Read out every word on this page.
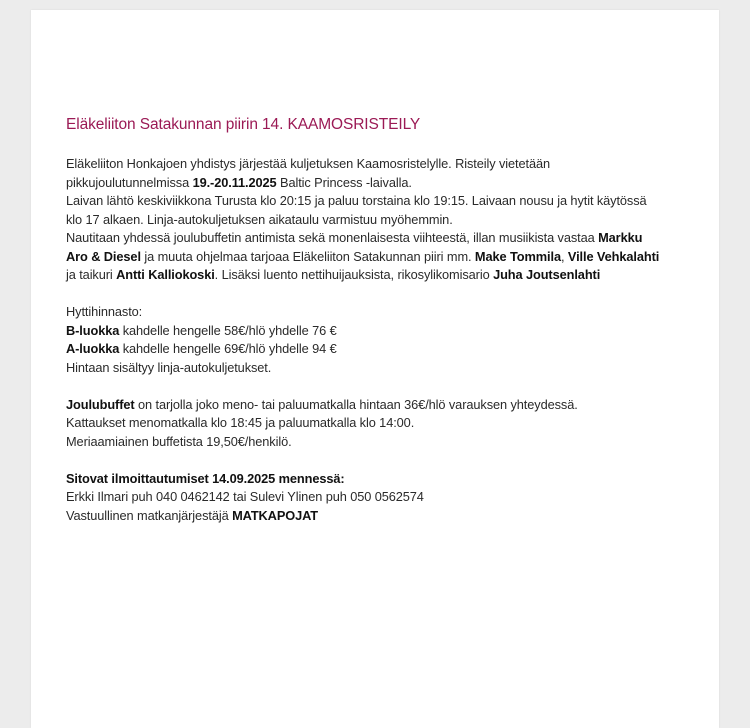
Eläkeliiton Satakunnan piirin 14. KAAMOSRISTEILY

Eläkeliiton Honkajoen yhdistys järjestää kuljetuksen Kaamosristelylle. Risteily vietetään pikkujoulutunnelmissa 19.-20.11.2025 Baltic Princess -laivalla.

Laivan lähtö keskiviikkona Turusta klo 20:15 ja paluu torstaina klo 19:15. Laivaan nousu ja hytit käytössä klo 17 alkaen. Linja-autokuljetuksen aikataulu varmistuu myöhemmin.

Nautitaan yhdessä joulubuffetin antimista sekä monenlaisesta viihteestä, illan musiikista vastaa Markku Aro & Diesel ja muuta ohjelmaa tarjoaa Eläkeliiton Satakunnan piiri mm. Make Tommila, Ville Vehkalahti ja taikuri Antti Kalliokoski. Lisäksi luento nettihuijauksista, rikosylikomisario Juha Joutsenlahti

Hyttihinnasto:

B-luokka kahdelle hengelle 58€/hlö yhdelle 76 €

A-luokka kahdelle hengelle 69€/hlö yhdelle 94 €

Hintaan sisältyy linja-autokuljetukset.

Joulubuffet on tarjolla joko meno- tai paluumatkalla hintaan 36€/hlö varauksen yhteydessä.

Kattaukset menomatkalla klo 18:45 ja paluumatkalla klo 14:00.

Meriaamiainen buffetista 19,50€/henkilö.

Sitovat ilmoittautumiset 14.09.2025 mennessä:

Erkki Ilmari puh 040 0462142 tai Sulevi Ylinen puh 050 0562574

Vastuullinen matkanjärjestäjä MATKAPOJAT
